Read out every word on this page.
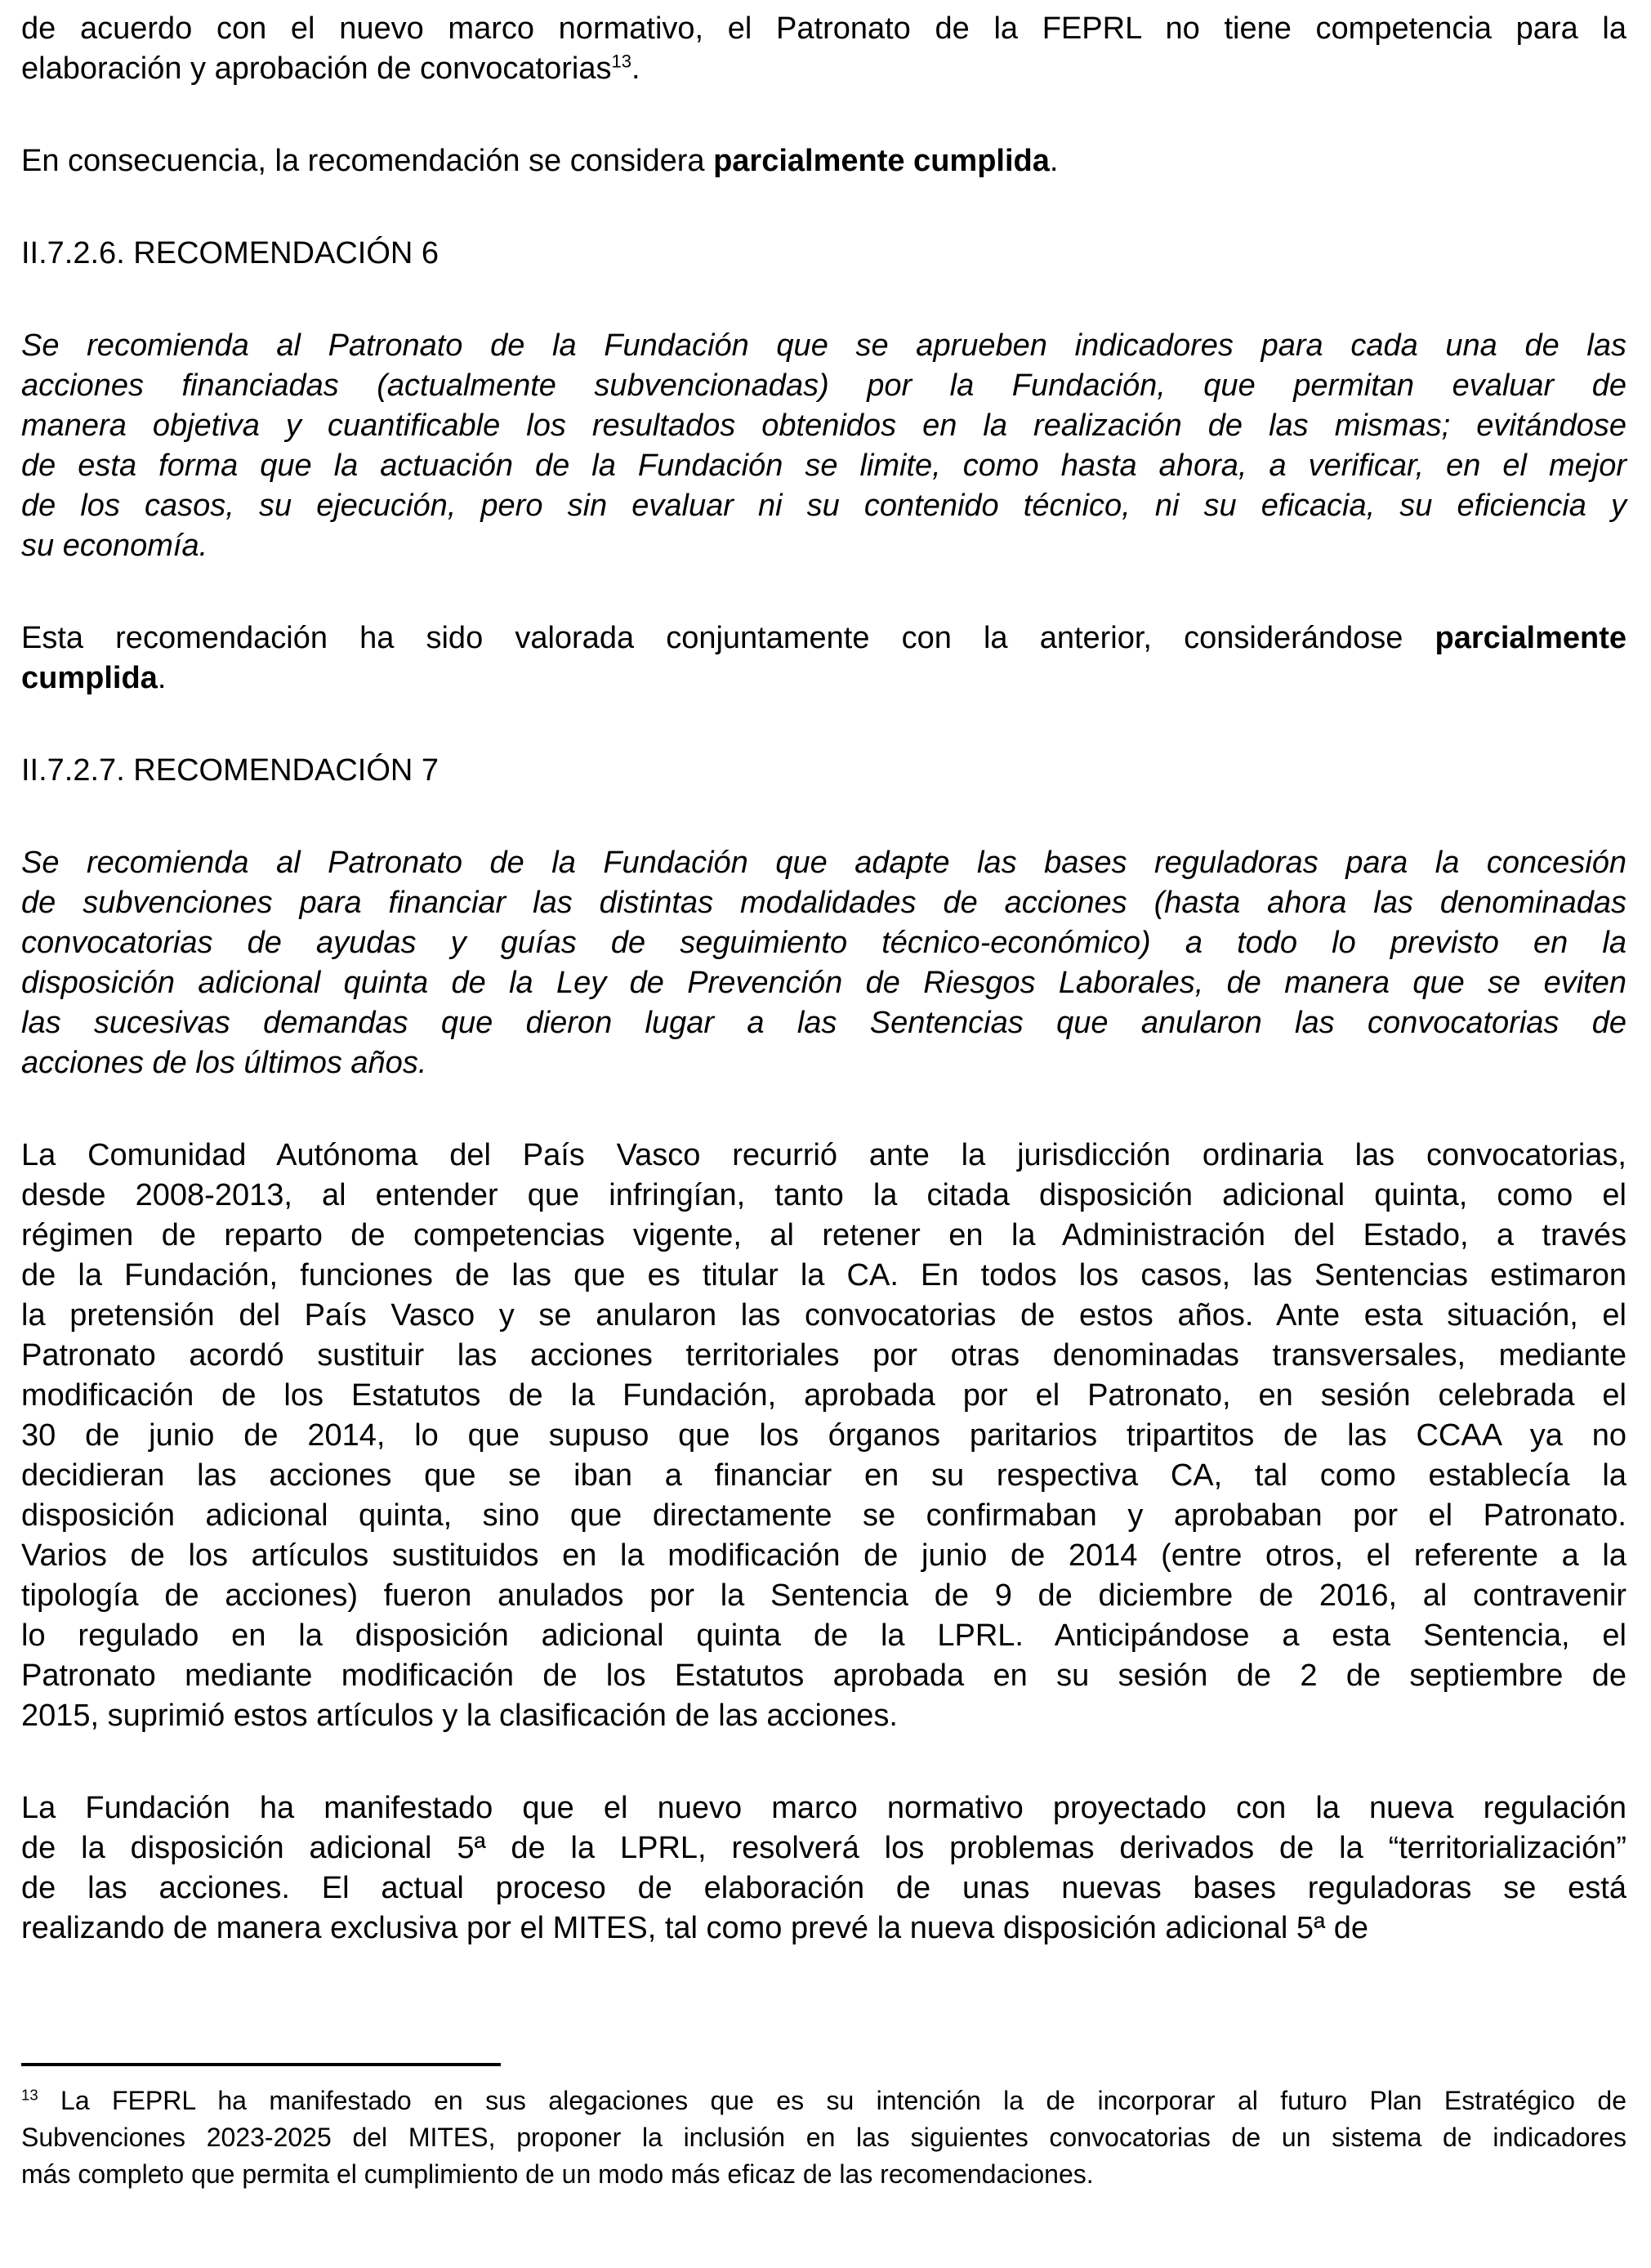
de acuerdo con el nuevo marco normativo, el Patronato de la FEPRL no tiene competencia para la
elaboración y aprobación de convocatorias$^{13}$.

En consecuencia, la recomendación se considera parcialmente cumplida.

II.7.2.6. RECOMENDACIÓN 6

Se recomienda al Patronato de la Fundación que se aprueben indicadores para cada una de las
acciones financiadas (actualmente subvencionadas) por la Fundación, que permitan evaluar de
manera objetiva y cuantificable los resultados obtenidos en la realización de las mismas; evitándose
de esta forma que la actuación de la Fundación se limite, como hasta ahora, a verificar, en el mejor
de los casos, su ejecución, pero sin evaluar ni su contenido técnico, ni su eficacia, su eficiencia y
su economía.

Esta recomendación ha sido valorada conjuntamente con la anterior, considerándose parcialmente
cumplida.

II.7.2.7. RECOMENDACIÓN 7

Se recomienda al Patronato de la Fundación que adapte las bases reguladoras para la concesión
de subvenciones para financiar las distintas modalidades de acciones (hasta ahora las denominadas
convocatorias de ayudas y guías de seguimiento técnico-económico) a todo lo previsto en la
disposición adicional quinta de la Ley de Prevención de Riesgos Laborales, de manera que se eviten
las sucesivas demandas que dieron lugar a las Sentencias que anularon las convocatorias de
acciones de los últimos años.

La Comunidad Autónoma del País Vasco recurrió ante la jurisdicción ordinaria las convocatorias,
desde 2008-2013, al entender que infringían, tanto la citada disposición adicional quinta, como el
régimen de reparto de competencias vigente, al retener en la Administración del Estado, a través
de la Fundación, funciones de las que es titular la CA. En todos los casos, las Sentencias estimaron
la pretensión del País Vasco y se anularon las convocatorias de estos años. Ante esta situación, el
Patronato acordó sustituir las acciones territoriales por otras denominadas transversales, mediante
modificación de los Estatutos de la Fundación, aprobada por el Patronato, en sesión celebrada el
30 de junio de 2014, lo que supuso que los órganos paritarios tripartitos de las CCAA ya no
decidieran las acciones que se iban a financiar en su respectiva CA, tal como establecía la
disposición adicional quinta, sino que directamente se confirmaban y aprobaban por el Patronato.
Varios de los artículos sustituidos en la modificación de junio de 2014 (entre otros, el referente a la
tipología de acciones) fueron anulados por la Sentencia de 9 de diciembre de 2016, al contravenir
lo regulado en la disposición adicional quinta de la LPRL. Anticipándose a esta Sentencia, el
Patronato mediante modificación de los Estatutos aprobada en su sesión de 2 de septiembre de
2015, suprimió estos artículos y la clasificación de las acciones.

La Fundación ha manifestado que el nuevo marco normativo proyectado con la nueva regulación
de la disposición adicional 5ª de la LPRL, resolverá los problemas derivados de la “territorialización”
de las acciones. El actual proceso de elaboración de unas nuevas bases reguladoras se está
realizando de manera exclusiva por el MITES, tal como prevé la nueva disposición adicional 5ª de

$^{13}$ La FEPRL ha manifestado en sus alegaciones que es su intención la de incorporar al futuro Plan Estratégico de
Subvenciones 2023-2025 del MITES, proponer la inclusión en las siguientes convocatorias de un sistema de indicadores
más completo que permita el cumplimiento de un modo más eficaz de las recomendaciones.
